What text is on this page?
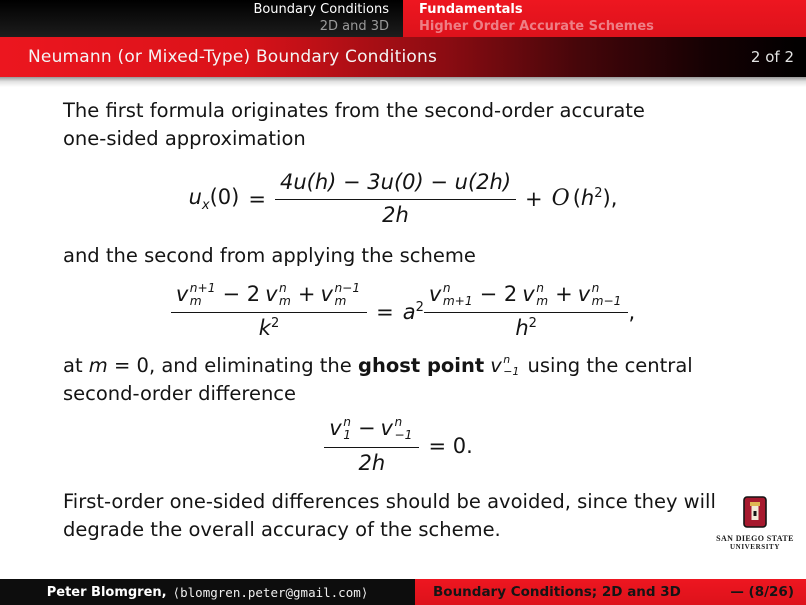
Boundary Conditions
2D and 3D
Fundamentals
Higher Order Accurate Schemes
Neumann (or Mixed-Type) Boundary Conditions	2 of 2
The first formula originates from the second-order accurate one-sided approximation
$u_x(0) = \frac{4u(h) - 3u(0) - u(2h)}{2h} + O$ $(h^2)$,
and the second from applying the scheme
v n+1
m − 2 v n
m + v n−1
m
$k^2 = a^2$ v n
m+1 − 2 v n
m + v n
m−1
$h^2$ ,
at m = 0, and eliminating the ghost point v n
−1 using the central second-order difference
v n
1 − v n
−1
2h = 0.
First-order one-sided differences should be avoided, since they will degrade the overall accuracy of the scheme.	SAN DIEGO STATE
UNIVERSITY
Peter Blomgren, ⟨blomgren.peter@gmail.com⟩	Boundary Conditions; 2D and 3D	— (8/26)
